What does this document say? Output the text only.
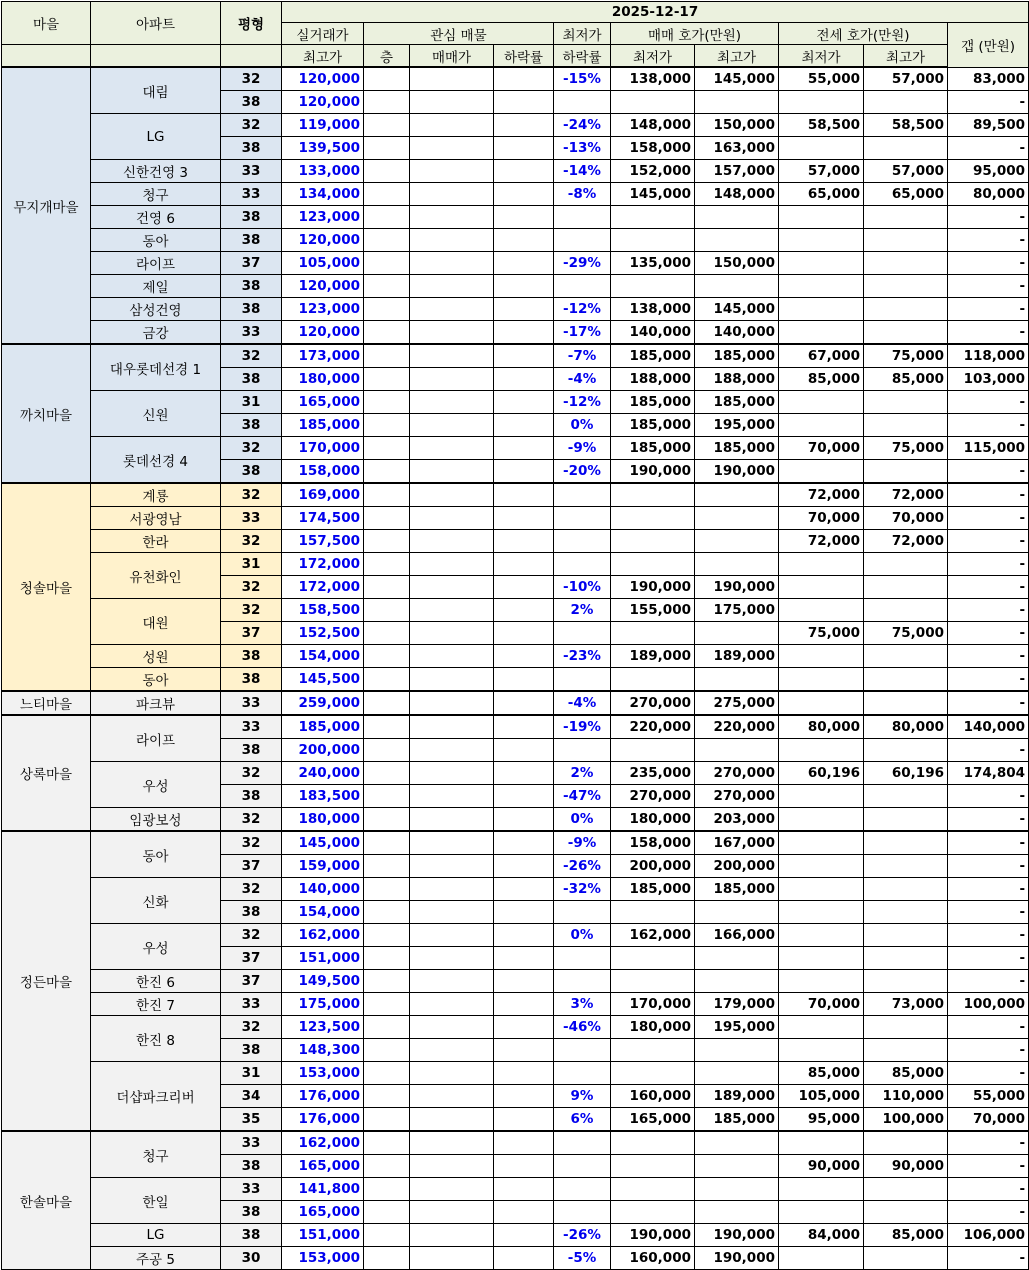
마을	아파트	평형	2025-12-17									
			실거래가	관심 매물			최저가	매매 호가(만원)		전세 호가(만원)		갭 (만원)
			최고가	층	매매가	하락률	하락률	최저가	최고가	최저가	최고가	
무지개마을	대림	32	120,000				-15%	138,000	145,000	55,000	57,000	83,000
		38	120,000									-
	LG	32	119,000				-24%	148,000	150,000	58,500	58,500	89,500
		38	139,500				-13%	158,000	163,000			-
	신한건영 3	33	133,000				-14%	152,000	157,000	57,000	57,000	95,000
	청구	33	134,000				-8%	145,000	148,000	65,000	65,000	80,000
	건영 6	38	123,000									-
	동아	38	120,000									-
	라이프	37	105,000				-29%	135,000	150,000			-
	제일	38	120,000									-
	삼성건영	38	123,000				-12%	138,000	145,000			-
	금강	33	120,000				-17%	140,000	140,000			-
까치마을	대우롯데선경 1	32	173,000				-7%	185,000	185,000	67,000	75,000	118,000
		38	180,000				-4%	188,000	188,000	85,000	85,000	103,000
	신원	31	165,000				-12%	185,000	185,000			-
		38	185,000				0%	185,000	195,000			-
	롯데선경 4	32	170,000				-9%	185,000	185,000	70,000	75,000	115,000
		38	158,000				-20%	190,000	190,000			-
청솔마을	계룡	32	169,000							72,000	72,000	-
	서광영남	33	174,500							70,000	70,000	-
	한라	32	157,500							72,000	72,000	-
	유천화인	31	172,000									-
		32	172,000				-10%	190,000	190,000			-
	대원	32	158,500				2%	155,000	175,000			-
		37	152,500							75,000	75,000	-
	성원	38	154,000				-23%	189,000	189,000			-
	동아	38	145,500									-
느티마을	파크뷰	33	259,000				-4%	270,000	275,000			-
상록마을	라이프	33	185,000				-19%	220,000	220,000	80,000	80,000	140,000
		38	200,000									-
	우성	32	240,000				2%	235,000	270,000	60,196	60,196	174,804
		38	183,500				-47%	270,000	270,000			-
	임광보성	32	180,000				0%	180,000	203,000			-
정든마을	동아	32	145,000				-9%	158,000	167,000			-
		37	159,000				-26%	200,000	200,000			-
	신화	32	140,000				-32%	185,000	185,000			-
		38	154,000									-
	우성	32	162,000				0%	162,000	166,000			-
		37	151,000									-
	한진 6	37	149,500									-
	한진 7	33	175,000				3%	170,000	179,000	70,000	73,000	100,000
	한진 8	32	123,500				-46%	180,000	195,000			-
		38	148,300									-
	더샵파크리버	31	153,000							85,000	85,000	-
		34	176,000				9%	160,000	189,000	105,000	110,000	55,000
		35	176,000				6%	165,000	185,000	95,000	100,000	70,000
한솔마을	청구	33	162,000									-
		38	165,000							90,000	90,000	-
	한일	33	141,800									-
		38	165,000									-
	LG	38	151,000				-26%	190,000	190,000	84,000	85,000	106,000
	주공 5	30	153,000				-5%	160,000	190,000			-
